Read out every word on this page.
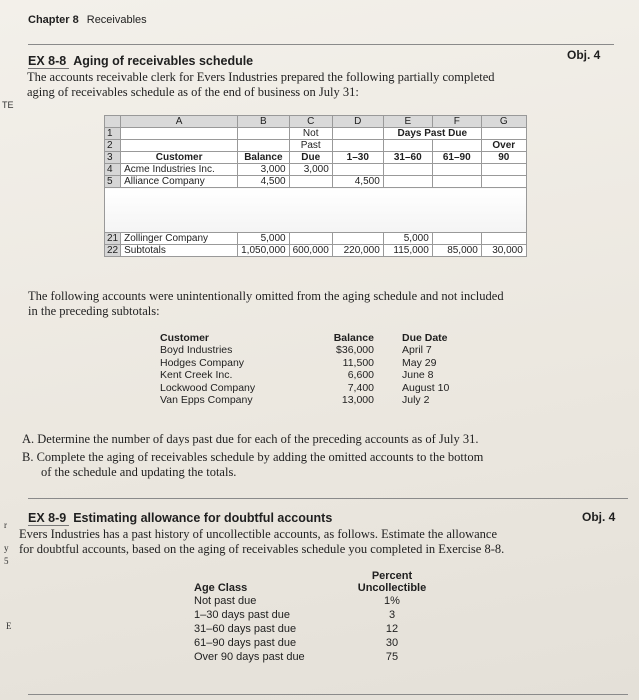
Chapter 8 Receivables
TE
r
y
5
E
EX 8-8 Aging of receivables schedule	Obj. 4
The accounts receivable clerk for Evers Industries prepared the following partially completed
aging of receivables schedule as of the end of business on July 31:
	A	B	C	D	E	F	G
1			Not		Days Past Due		
2			Past				Over
3	Customer	Balance	Due	1–30	31–60	61–90	90
4	Acme Industries Inc.	3,000	3,000				
5	Alliance Company	4,500		4,500			

21	Zollinger Company	5,000			5,000		
22	Subtotals	1,050,000	600,000	220,000	115,000	85,000	30,000
The following accounts were unintentionally omitted from the aging schedule and not included
in the preceding subtotals:
Customer	Balance	Due Date
Boyd Industries	$36,000	April 7
Hodges Company	11,500	May 29
Kent Creek Inc.	6,600	June 8
Lockwood Company	7,400	August 10
Van Epps Company	13,000	July 2
A. Determine the number of days past due for each of the preceding accounts as of July 31.
B. Complete the aging of receivables schedule by adding the omitted accounts to the bottom
of the schedule and updating the totals.
EX 8-9 Estimating allowance for doubtful accounts	Obj. 4
Evers Industries has a past history of uncollectible accounts, as follows. Estimate the allowance
for doubtful accounts, based on the aging of receivables schedule you completed in Exercise 8-8.
	Percent
Age Class	Uncollectible
Not past due	1%
1–30 days past due	3
31–60 days past due	12
61–90 days past due	30
Over 90 days past due	75
